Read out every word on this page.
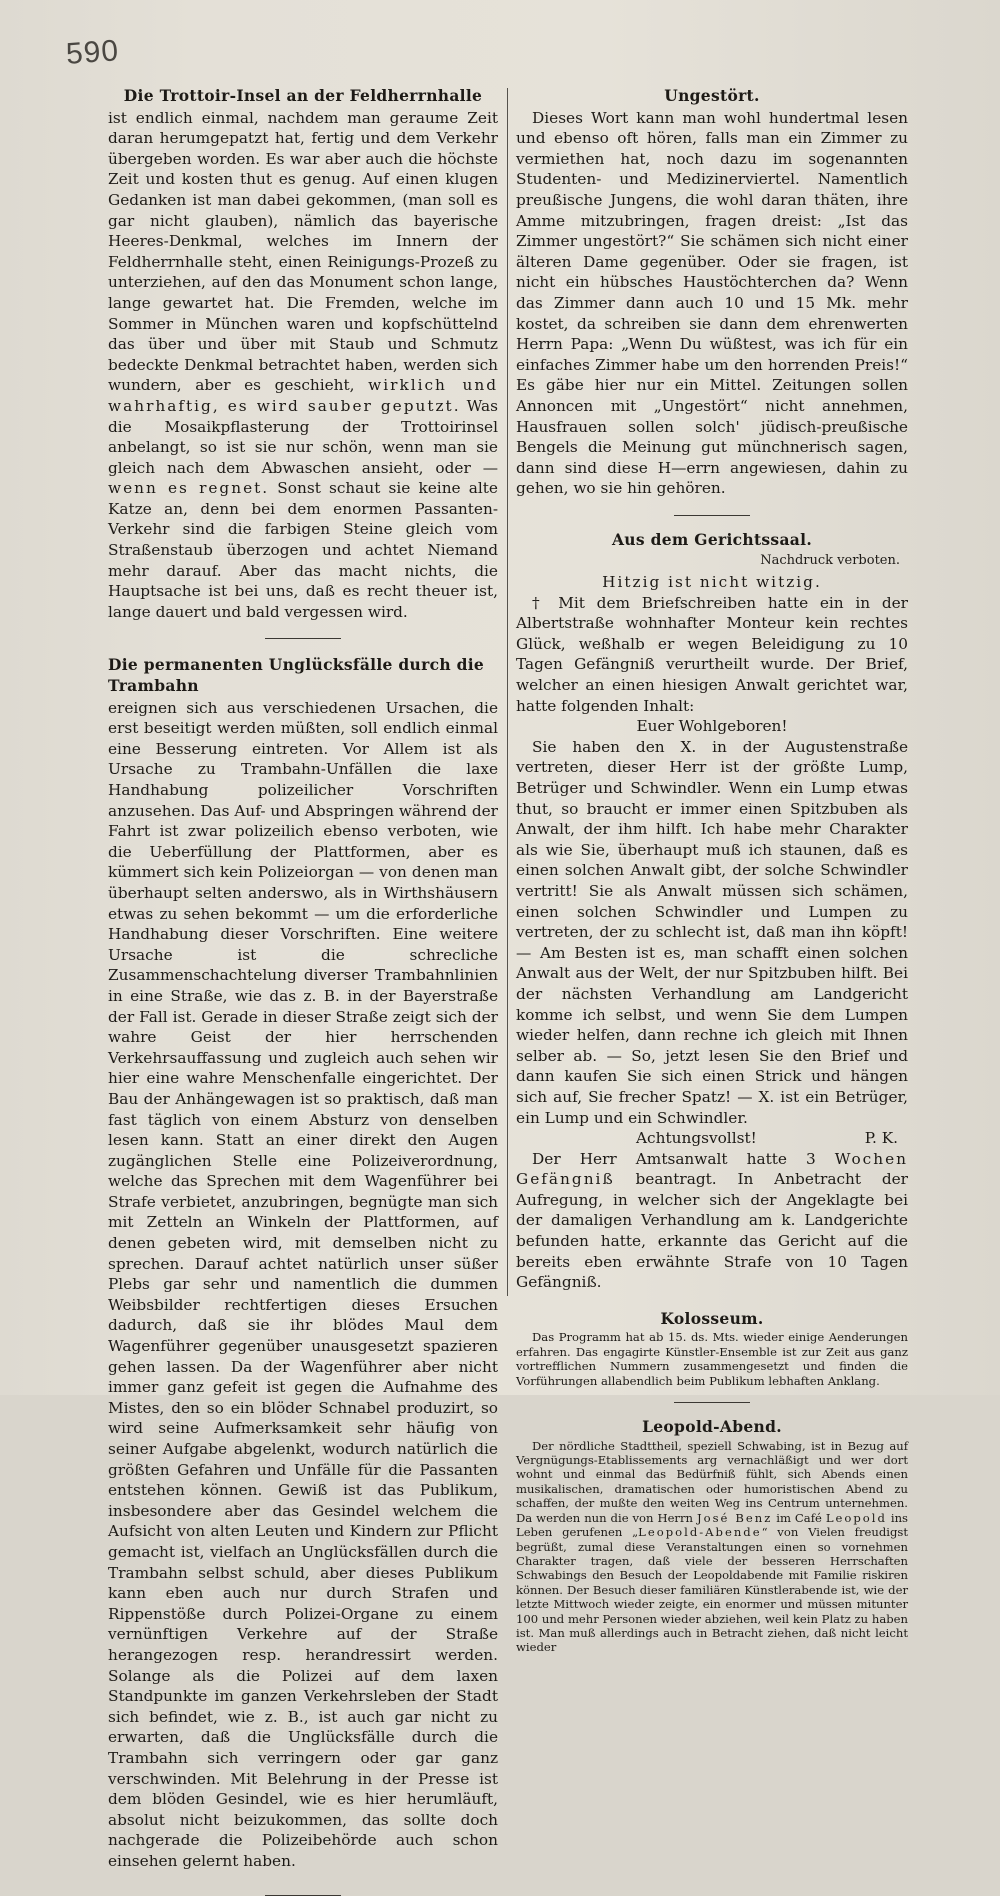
590
Die Trottoir-Insel an der Feldherrnhalle

ist endlich einmal, nachdem man geraume Zeit daran herumgepatzt hat, fertig und dem Verkehr übergeben worden. Es war aber auch die höchste Zeit und kosten thut es genug. Auf einen klugen Gedanken ist man dabei gekommen, (man soll es gar nicht glauben), nämlich das bayerische Heeres-Denkmal, welches im Innern der Feldherrnhalle steht, einen Reinigungs-Prozeß zu unterziehen, auf den das Monument schon lange, lange gewartet hat. Die Fremden, welche im Sommer in München waren und kopfschüttelnd das über und über mit Staub und Schmutz bedeckte Denkmal betrachtet haben, werden sich wundern, aber es geschieht, wirklich und wahrhaftig, es wird sauber geputzt. Was die Mosaikpflasterung der Trottoirinsel anbelangt, so ist sie nur schön, wenn man sie gleich nach dem Abwaschen ansieht, oder — wenn es regnet. Sonst schaut sie keine alte Katze an, denn bei dem enormen Passanten-Verkehr sind die farbigen Steine gleich vom Straßenstaub überzogen und achtet Niemand mehr darauf. Aber das macht nichts, die Hauptsache ist bei uns, daß es recht theuer ist, lange dauert und bald vergessen wird.

Die permanenten Unglücksfälle durch die Trambahn

ereignen sich aus verschiedenen Ursachen, die erst beseitigt werden müßten, soll endlich einmal eine Besserung eintreten. Vor Allem ist als Ursache zu Trambahn-Unfällen die laxe Handhabung polizeilicher Vorschriften anzusehen. Das Auf- und Abspringen während der Fahrt ist zwar polizeilich ebenso verboten, wie die Ueberfüllung der Plattformen, aber es kümmert sich kein Polizeiorgan — von denen man überhaupt selten anderswo, als in Wirthshäusern etwas zu sehen bekommt — um die erforderliche Handhabung dieser Vorschriften. Eine weitere Ursache ist die schrecliche Zusammenschachtelung diverser Trambahnlinien in eine Straße, wie das z. B. in der Bayerstraße der Fall ist. Gerade in dieser Straße zeigt sich der wahre Geist der hier herrschenden Verkehrsauffassung und zugleich auch sehen wir hier eine wahre Menschenfalle eingerichtet. Der Bau der Anhängewagen ist so praktisch, daß man fast täglich von einem Absturz von denselben lesen kann. Statt an einer direkt den Augen zugänglichen Stelle eine Polizeiverordnung, welche das Sprechen mit dem Wagenführer bei Strafe verbietet, anzubringen, begnügte man sich mit Zetteln an Winkeln der Plattformen, auf denen gebeten wird, mit demselben nicht zu sprechen. Darauf achtet natürlich unser süßer Plebs gar sehr und namentlich die dummen Weibsbilder rechtfertigen dieses Ersuchen dadurch, daß sie ihr blödes Maul dem Wagenführer gegenüber unausgesetzt spazieren gehen lassen. Da der Wagenführer aber nicht immer ganz gefeit ist gegen die Aufnahme des Mistes, den so ein blöder Schnabel produzirt, so wird seine Aufmerksamkeit sehr häufig von seiner Aufgabe abgelenkt, wodurch natürlich die größten Gefahren und Unfälle für die Passanten entstehen können. Gewiß ist das Publikum, insbesondere aber das Gesindel welchem die Aufsicht von alten Leuten und Kindern zur Pflicht gemacht ist, vielfach an Unglücksfällen durch die Trambahn selbst schuld, aber dieses Publikum kann eben auch nur durch Strafen und Rippenstöße durch Polizei-Organe zu einem vernünftigen Verkehre auf der Straße herangezogen resp. herandressirt werden. Solange als die Polizei auf dem laxen Standpunkte im ganzen Verkehrsleben der Stadt sich befindet, wie z. B., ist auch gar nicht zu erwarten, daß die Unglücksfälle durch die Trambahn sich verringern oder gar ganz verschwinden. Mit Belehrung in der Presse ist dem blöden Gesindel, wie es hier herumläuft, absolut nicht beizukommen, das sollte doch nachgerade die Polizeibehörde auch schon einsehen gelernt haben.

Ungestört.

Dieses Wort kann man wohl hundertmal lesen und ebenso oft hören, falls man ein Zimmer zu vermiethen hat, noch dazu im sogenannten Studenten- und Medizinerviertel. Namentlich preußische Jungens, die wohl daran thäten, ihre Amme mitzubringen, fragen dreist: „Ist das Zimmer ungestört?“ Sie schämen sich nicht einer älteren Dame gegenüber. Oder sie fragen, ist nicht ein hübsches Haustöchterchen da? Wenn das Zimmer dann auch 10 und 15 Mk. mehr kostet, da schreiben sie dann dem ehrenwerten Herrn Papa: „Wenn Du wüßtest, was ich für ein einfaches Zimmer habe um den horrenden Preis!“ Es gäbe hier nur ein Mittel. Zeitungen sollen Annoncen mit „Ungestört“ nicht annehmen, Hausfrauen sollen solch' jüdisch-preußische Bengels die Meinung gut münchnerisch sagen, dann sind diese H—errn angewiesen, dahin zu gehen, wo sie hin gehören.

Aus dem Gerichtssaal.

Nachdruck verboten.

Hitzig ist nicht witzig.

† Mit dem Briefschreiben hatte ein in der Albertstraße wohnhafter Monteur kein rechtes Glück, weßhalb er wegen Beleidigung zu 10 Tagen Gefängniß verurtheilt wurde. Der Brief, welcher an einen hiesigen Anwalt gerichtet war, hatte folgenden Inhalt:

Euer Wohlgeboren!

Sie haben den X. in der Augustenstraße vertreten, dieser Herr ist der größte Lump, Betrüger und Schwindler. Wenn ein Lump etwas thut, so braucht er immer einen Spitzbuben als Anwalt, der ihm hilft. Ich habe mehr Charakter als wie Sie, überhaupt muß ich staunen, daß es einen solchen Anwalt gibt, der solche Schwindler vertritt! Sie als Anwalt müssen sich schämen, einen solchen Schwindler und Lumpen zu vertreten, der zu schlecht ist, daß man ihn köpft! — Am Besten ist es, man schafft einen solchen Anwalt aus der Welt, der nur Spitzbuben hilft. Bei der nächsten Verhandlung am Landgericht komme ich selbst, und wenn Sie dem Lumpen wieder helfen, dann rechne ich gleich mit Ihnen selber ab. — So, jetzt lesen Sie den Brief und dann kaufen Sie sich einen Strick und hängen sich auf, Sie frecher Spatz! — X. ist ein Betrüger, ein Lump und ein Schwindler.

Achtungsvollst!	P. K.

Der Herr Amtsanwalt hatte 3 Wochen Gefängniß beantragt. In Anbetracht der Aufregung, in welcher sich der Angeklagte bei der damaligen Verhandlung am k. Landgerichte befunden hatte, erkannte das Gericht auf die bereits eben erwähnte Strafe von 10 Tagen Gefängniß.

Kolosseum.

Das Programm hat ab 15. ds. Mts. wieder einige Aenderungen erfahren. Das engagirte Künstler-Ensemble ist zur Zeit aus ganz vortrefflichen Nummern zusammengesetzt und finden die Vorführungen allabendlich beim Publikum lebhaften Anklang.

Leopold-Abend.

Der nördliche Stadttheil, speziell Schwabing, ist in Bezug auf Vergnügungs-Etablissements arg vernachläßigt und wer dort wohnt und einmal das Bedürfniß fühlt, sich Abends einen musikalischen, dramatischen oder humoristischen Abend zu schaffen, der mußte den weiten Weg ins Centrum unternehmen. Da werden nun die von Herrn José Benz im Café Leopold ins Leben gerufenen „Leopold-Abende“ von Vielen freudigst begrüßt, zumal diese Veranstaltungen einen so vornehmen Charakter tragen, daß viele der besseren Herrschaften Schwabings den Besuch der Leopoldabende mit Familie riskiren können. Der Besuch dieser familiären Künstlerabende ist, wie der letzte Mittwoch wieder zeigte, ein enormer und müssen mitunter 100 und mehr Personen wieder abziehen, weil kein Platz zu haben ist. Man muß allerdings auch in Betracht ziehen, daß nicht leicht wieder
